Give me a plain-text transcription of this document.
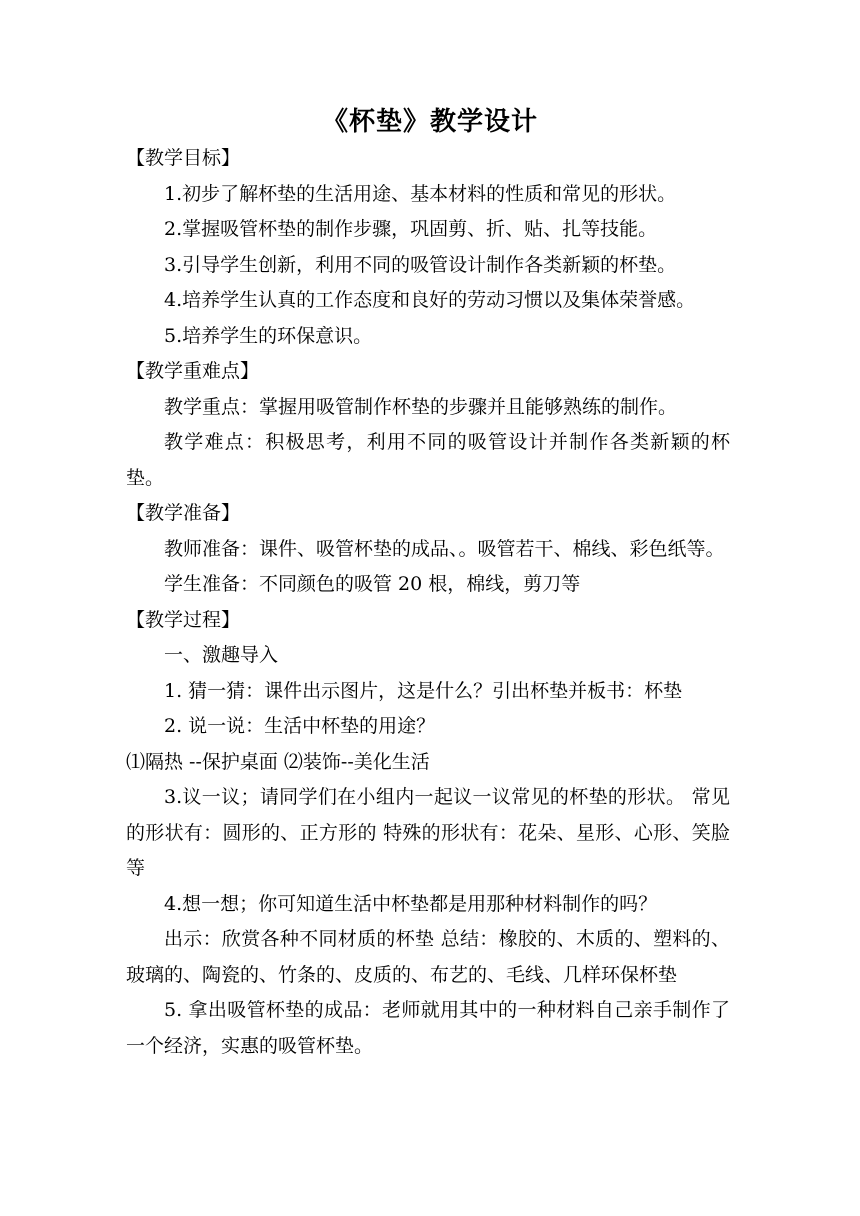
《杯垫》教学设计
【教学目标】
1.初步了解杯垫的生活用途、基本材料的性质和常见的形状。
2.掌握吸管杯垫的制作步骤，巩固剪、折、贴、扎等技能。
3.引导学生创新，利用不同的吸管设计制作各类新颖的杯垫。
4.培养学生认真的工作态度和良好的劳动习惯以及集体荣誉感。
5.培养学生的环保意识。
【教学重难点】
教学重点：掌握用吸管制作杯垫的步骤并且能够熟练的制作。
教学难点：积极思考，利用不同的吸管设计并制作各类新颖的杯垫。
【教学准备】
教师准备：课件、吸管杯垫的成品、。吸管若干、棉线、彩色纸等。
学生准备：不同颜色的吸管 20 根，棉线，剪刀等
【教学过程】
一、激趣导入
1. 猜一猜：课件出示图片，这是什么？引出杯垫并板书：杯垫
2. 说一说：生活中杯垫的用途？
⑴隔热 --保护桌面 ⑵装饰--美化生活
3.议一议；请同学们在小组内一起议一议常见的杯垫的形状。 常见的形状有：圆形的、正方形的 特殊的形状有：花朵、星形、心形、笑脸等
4.想一想；你可知道生活中杯垫都是用那种材料制作的吗？
出示：欣赏各种不同材质的杯垫 总结：橡胶的、木质的、塑料的、玻璃的、陶瓷的、竹条的、皮质的、布艺的、毛线、几样环保杯垫
5. 拿出吸管杯垫的成品：老师就用其中的一种材料自己亲手制作了一个经济，实惠的吸管杯垫。
